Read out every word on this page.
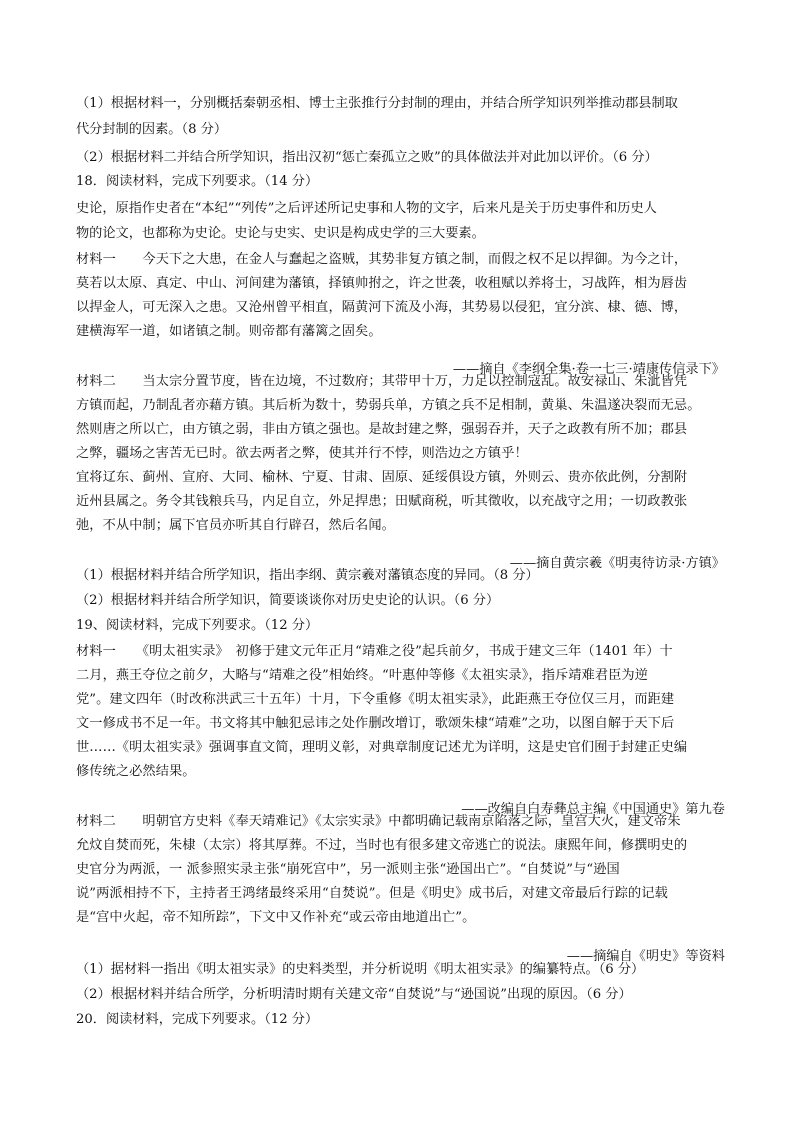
（1）根据材料一，分别概括秦朝丞相、博士主张推行分封制的理由，并结合所学知识列举推动郡县制取

代分封制的因素。（8 分）

（2）根据材料二并结合所学知识，指出汉初“惩亡秦孤立之败”的具体做法并对此加以评价。（6 分）

18．阅读材料，完成下列要求。（14 分）

史论，原指作史者在“本纪”“列传”之后评述所记史事和人物的文字，后来凡是关于历史事件和历史人

物的论文，也都称为史论。史论与史实、史识是构成史学的三大要素。

材料一　　今天下之大患，在金人与蠢起之盗贼，其势非复方镇之制，而假之权不足以捍御。为今之计，

莫若以太原、真定、中山、河间建为藩镇，择镇帅拊之，许之世袭，收租赋以养将士，习战阵，相为唇齿

以捍金人，可无深入之患。又沧州曾平相直，隔黄河下流及小海，其势易以侵犯，宜分滨、棣、德、博，

建横海军一道，如诸镇之制。则帝都有藩篱之固矣。

——摘自《李纲全集·卷一七三·靖康传信录下》

材料二　　当太宗分置节度，皆在边境，不过数府；其带甲十万，力足以控制寇乱。故安禄山、朱泚皆凭

方镇而起，乃制乱者亦藉方镇。其后析为数十，势弱兵单，方镇之兵不足相制，黄巢、朱温遂决裂而无忌。

然则唐之所以亡，由方镇之弱，非由方镇之强也。是故封建之弊，强弱吞并，天子之政教有所不加；郡县

之弊，疆场之害苦无已时。欲去两者之弊，使其并行不悖，则浩边之方镇乎！

宜将辽东、蓟州、宣府、大同、榆林、宁夏、甘肃、固原、延绥俱设方镇，外则云、贵亦依此例，分割附

近州县属之。务令其钱粮兵马，内足自立，外足捍患；田赋商税，听其徵收，以充战守之用；一切政教张

弛，不从中制；属下官员亦听其自行辟召，然后名闻。

——摘自黄宗羲《明夷待访录·方镇》

（1）根据材料并结合所学知识，指出李纲、黄宗羲对藩镇态度的异同。（8 分）

（2）根据材料并结合所学知识，简要谈谈你对历史史论的认识。（6 分）

19、阅读材料，完成下列要求。（12 分）

材料一　　《明太祖实录》　初修于建文元年正月“靖难之役”起兵前夕，书成于建文三年（1401 年）十

二月，燕王夺位之前夕，大略与“靖难之役”相始终。“叶惠仲等修《太祖实录》，指斥靖难君臣为逆

党”。建文四年（时改称洪武三十五年）十月，下令重修《明太祖实录》，此距燕王夺位仅三月，而距建

文一修成书不足一年。书文将其中触犯忌讳之处作删改增订，歌颂朱棣“靖难”之功，以图自解于天下后

世……《明太祖实录》强调事直文简，理明义彰，对典章制度记述尤为详明，这是史官们囿于封建正史编

修传统之必然结果。

——改编自白寿彝总主编《中国通史》第九卷

材料二　　明朝官方史料《奉天靖难记》《太宗实录》中都明确记载南京陷落之际，皇宫大火，建文帝朱

允炆自焚而死，朱棣（太宗）将其厚葬。不过，当时也有很多建文帝逃亡的说法。康熙年间，修撰明史的

史官分为两派，一 派参照实录主张“崩死宫中”，另一派则主张“逊国出亡”。“自焚说”与“逊国

说”两派相持不下，主持者王鸿绪最终采用“自焚说”。但是《明史》成书后，对建文帝最后行踪的记载

是“宫中火起，帝不知所踪”，下文中又作补充“或云帝由地道出亡”。

——摘编自《明史》等资料

（1）据材料一指出《明太祖实录》的史料类型，并分析说明《明太祖实录》的编纂特点。（6 分）

（2）根据材料并结合所学，分析明清时期有关建文帝“自焚说”与“逊国说”出现的原因。（6 分）

20．阅读材料，完成下列要求。（12 分）
